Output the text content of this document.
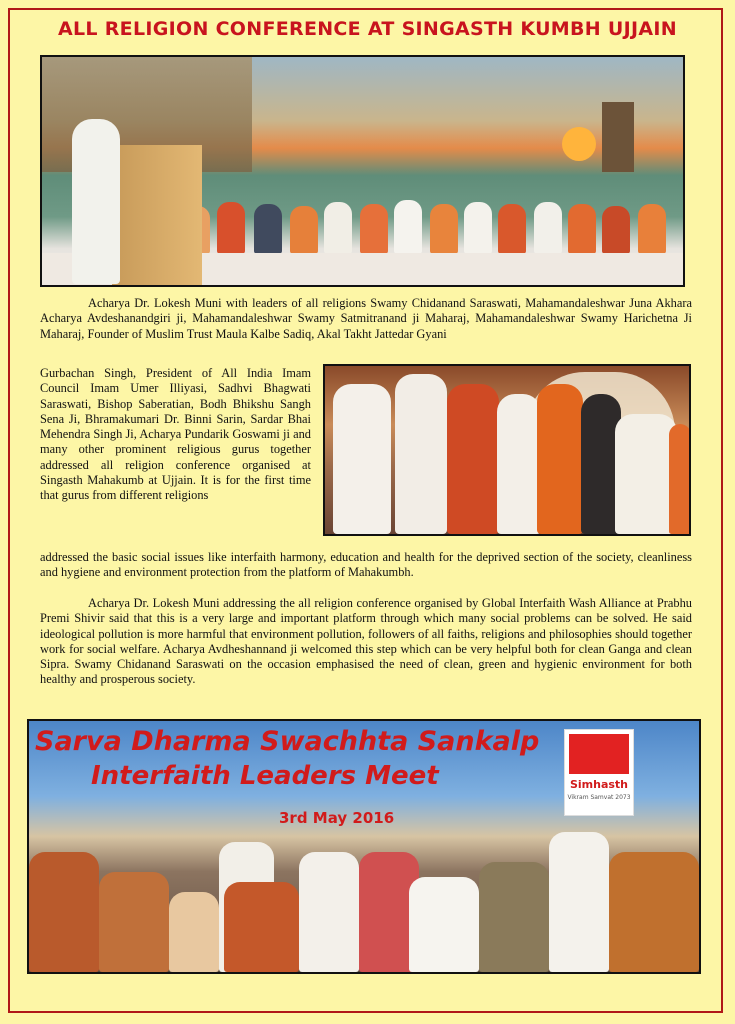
ALL RELIGION CONFERENCE AT SINGASTH KUMBH UJJAIN

Acharya Dr. Lokesh Muni with leaders of all religions Swamy Chidanand Saraswati, Mahamandaleshwar Juna Akhara Acharya Avdeshanandgiri ji, Mahamandaleshwar Swamy Satmitranand ji Maharaj, Mahamandaleshwar Swamy Harichetna Ji Maharaj, Founder of Muslim Trust Maula Kalbe Sadiq, Akal Takht Jattedar Gyani

Gurbachan Singh, President of All India Imam Council Imam Umer Illiyasi, Sadhvi Bhagwati Saraswati, Bishop Saberatian, Bodh Bhikshu Sangh Sena Ji, Bhramakumari Dr. Binni Sarin, Sardar Bhai Mehendra Singh Ji, Acharya Pundarik Goswami ji and many other prominent religious gurus together addressed all religion conference organised at Singasth Mahakumb at Ujjain. It is for the first time that gurus from different religions

addressed the basic social issues like interfaith harmony, education and health for the deprived section of the society, cleanliness and hygiene and environment protection from the platform of Mahakumbh.

Acharya Dr. Lokesh Muni addressing the all religion conference organised by Global Interfaith Wash Alliance at Prabhu Premi Shivir said that this is a very large and important platform through which many social problems can be solved. He said ideological pollution is more harmful that environment pollution, followers of all faiths, religions and philosophies should together work for social welfare. Acharya Avdheshannand ji welcomed this step which can be very helpful both for clean Ganga and clean Sipra. Swamy Chidanand Saraswati on the occasion emphasised the need of clean, green and hygienic environment for both healthy and prosperous society.

Sarva Dharma Swachhta Sankalp
Interfaith Leaders Meet
3rd May 2016
Simhasth
Vikram Samvat 2073
